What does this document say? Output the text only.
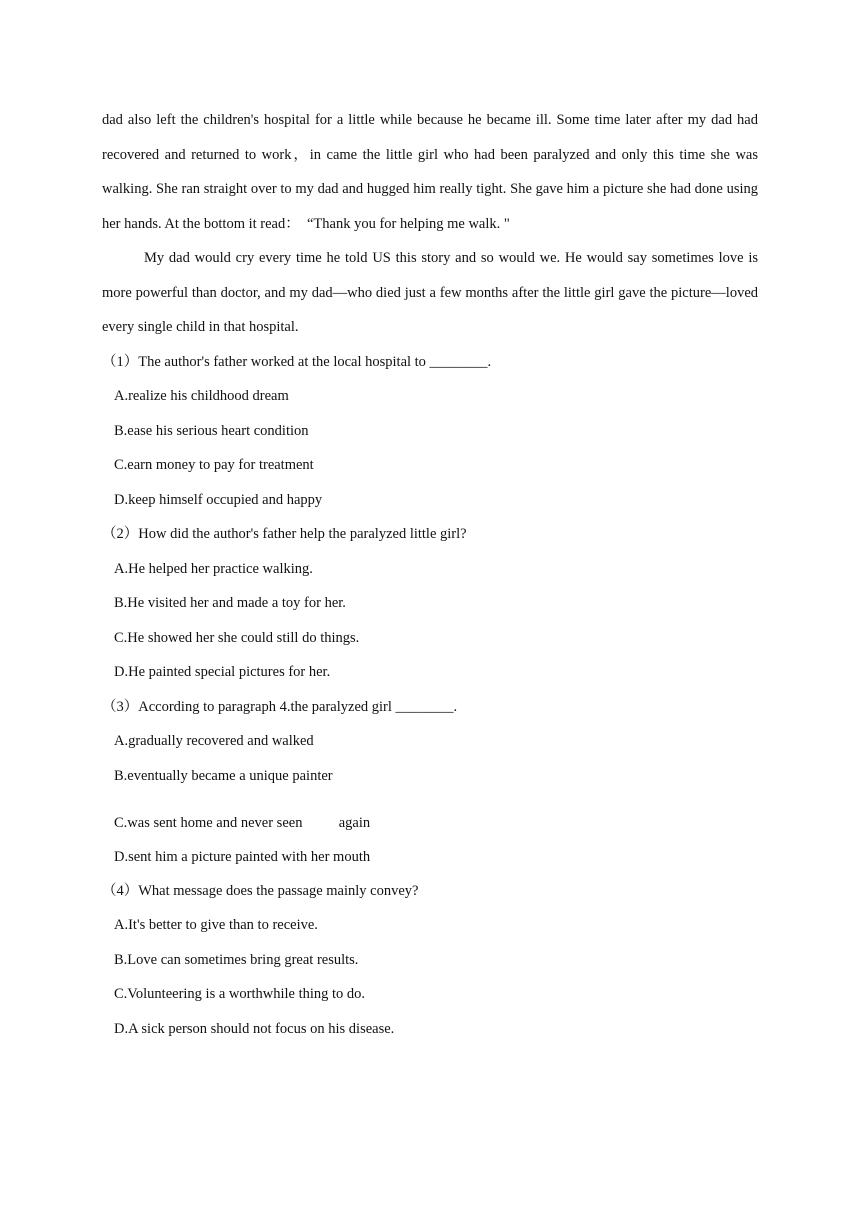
dad also left the children's hospital for a little while because he became ill. Some time later after my dad had recovered and returned to work，in came the little girl who had been paralyzed and only this time she was walking. She ran straight over to my dad and hugged him really tight. She gave him a picture she had done using her hands. At the bottom it read：  “Thank you for helping me walk. "

My dad would cry every time he told US this story and so would we. He would say sometimes love is more powerful than doctor, and my dad—who died just a few months after the little girl gave the picture—loved every single child in that hospital.

（1）The author's father worked at the local hospital to ________.

A.realize his childhood dream

B.ease his serious heart condition

C.earn money to pay for treatment

D.keep himself occupied and happy

（2）How did the author's father help the paralyzed little girl?

A.He helped her practice walking.

B.He visited her and made a toy for her.

C.He showed her she could still do things.

D.He painted special pictures for her.

（3）According to paragraph 4.the paralyzed girl ________.

A.gradually recovered and walked

B.eventually became a unique painter

C.was sent home and never seen          again

D.sent him a picture painted with her mouth

（4）What message does the passage mainly convey?

A.It's better to give than to receive.

B.Love can sometimes bring great results.

C.Volunteering is a worthwhile thing to do.

D.A sick person should not focus on his disease.
